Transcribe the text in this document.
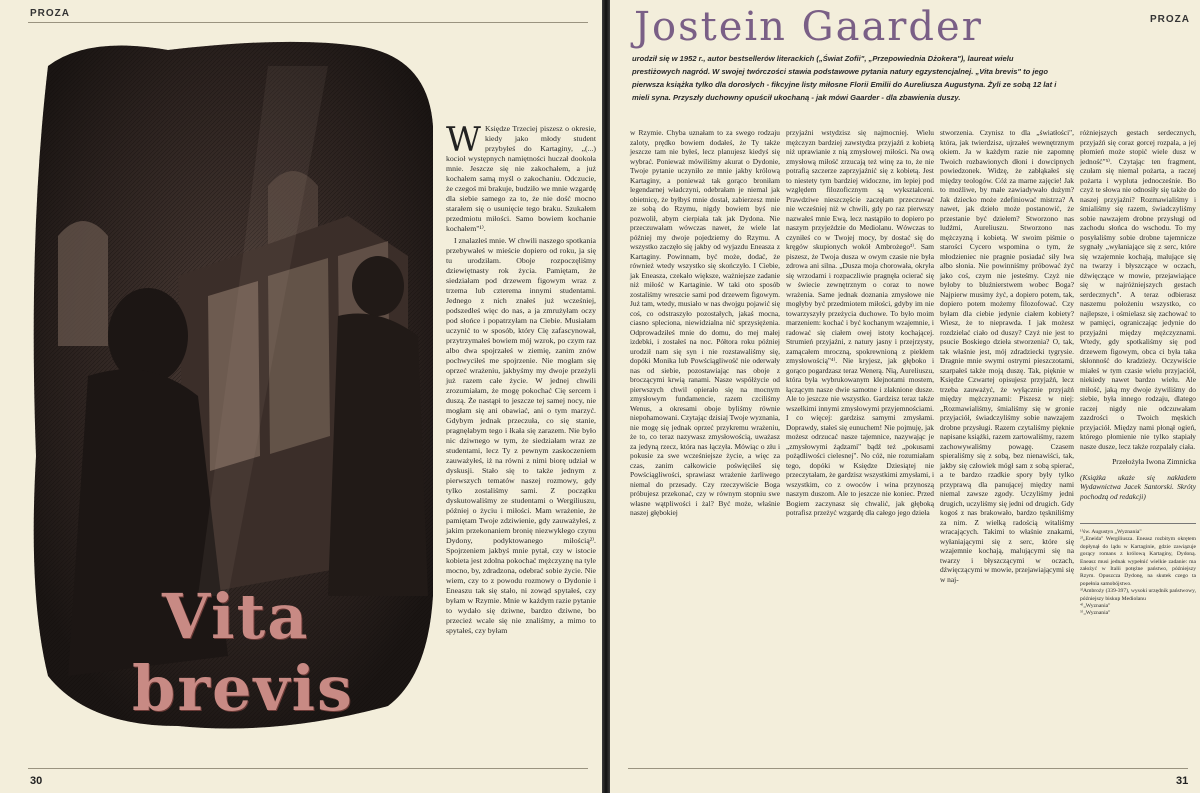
PROZA
Vita
brevis
W Księdze Trzeciej piszesz o okresie, kiedy jako młody student przybyłeś do Kartaginy, „(...) kocioł występnych namiętności huczał dookoła mnie. Jeszcze się nie zakochałem, a już kochałem samą myśl o zakochaniu. Odczucie, że czegoś mi brakuje, budziło we mnie wzgardę dla siebie samego za to, że nie dość mocno starałem się o usunięcie tego braku. Szukałem przedmiotu miłości. Samo bowiem kochanie kochałem"¹⁾.

I znalazłeś mnie. W chwili naszego spotkania przebywałeś w mieście dopiero od roku, ja się tu urodziłam. Oboje rozpoczęliśmy dziewiętnasty rok życia. Pamiętam, że siedziałam pod drzewem figowym wraz z trzema lub czterema innymi studentami. Jednego z nich znałeś już wcześniej, podszedłeś więc do nas, a ja zmrużyłam oczy pod słońce i popatrzyłam na Ciebie. Musiałam uczynić to w sposób, który Cię zafascynował, przytrzymałeś bowiem mój wzrok, po czym raz albo dwa spojrzałeś w ziemię, zanim znów pochwyciłeś me spojrzenie. Nie mogłam się oprzeć wrażeniu, jakbyśmy my dwoje przeżyli już razem całe życie. W jednej chwili zrozumiałam, że mogę pokochać Cię sercem i duszą. Że nastąpi to jeszcze tej samej nocy, nie mogłam się ani obawiać, ani o tym marzyć. Gdybym jednak przeczuła, co się stanie, pragnęłabym tego i łkała się zarazem. Nie było nic dziwnego w tym, że siedziałam wraz ze studentami, lecz Ty z pewnym zaskoczeniem zauważyłeś, iż na równi z nimi biorę udział w dyskusji. Stało się to także jednym z pierwszych tematów naszej rozmowy, gdy tylko zostaliśmy sami. Z początku dyskutowaliśmy ze studentami o Wergiliuszu, później o życiu i miłości. Mam wrażenie, że pamiętam Twoje zdziwienie, gdy zauważyłeś, z jakim przekonaniem bronię niezwykłego czynu Dydony, podyktowanego miłością²⁾. Spojrzeniem jakbyś mnie pytał, czy w istocie kobieta jest zdolna pokochać mężczyznę na tyle mocno, by, zdradzona, odebrać sobie życie. Nie wiem, czy to z powodu rozmowy o Dydonie i Eneaszu tak się stało, ni zowąd spytałeś, czy byłam w Rzymie. Mnie w każdym razie pytanie to wydało się dziwne, bardzo dziwne, bo przecież wcale się nie znaliśmy, a mimo to spytałeś, czy byłam

30
Jostein Gaarder	PROZA
urodził się w 1952 r., autor bestsellerów literackich („Świat Zofii", „Przepowiednia Dżokera"), laureat wielu prestiżowych nagród. W swojej twórczości stawia podstawowe pytania natury egzystencjalnej. „Vita brevis" to jego pierwsza książka tylko dla dorosłych - fikcyjne listy miłosne Florii Emilii do Aureliusza Augustyna. Żyli ze sobą 12 lat i mieli syna. Przyszły duchowny opuścił ukochaną - jak mówi Gaarder - dla zbawienia duszy.
w Rzymie. Chyba uznałam to za swego rodzaju zaloty, prędko bowiem dodałeś, że Ty także jeszcze tam nie byłeś, lecz planujesz kiedyś się wybrać. Ponieważ mówiliśmy akurat o Dydonie, Twoje pytanie uczyniło ze mnie jakby królową Kartaginy, a ponieważ tak gorąco broniłam legendarnej władczyni, odebrałam je niemal jak obietnicę, że byłbyś mnie dostał, zabierzesz mnie ze sobą do Rzymu, nigdy bowiem byś nie pozwolił, abym cierpiała tak jak Dydona. Nie przeczuwałam wówczas nawet, że wiele lat później my dwoje pojedziemy do Rzymu. A wszystko zaczęło się jakby od wyjazdu Eneasza z Kartaginy. Powinnam, być może, dodać, że również wtedy wszystko się skończyło. I Ciebie, jak Eneasza, czekało większe, ważniejsze zadanie niż miłość w Kartaginie. W taki oto sposób zostaliśmy wreszcie sami pod drzewem figowym. Już tam, wtedy, musiało w nas dwojgu pojawić się coś, co odstraszyło pozostałych, jakaś mocna, ciasno spleciona, niewidzialna nić sprzysiężenia. Odprowadziłeś mnie do domu, do mej małej izdebki, i zostałeś na noc. Półtora roku później urodził nam się syn i nie rozstawaliśmy się, dopóki Monika lub Powściągliwość nie oderwały nas od siebie, pozostawiając nas oboje z broczącymi krwią ranami. Nasze współżycie od pierwszych chwil opierało się na mocnym zmysłowym fundamencie, razem czciliśmy Wenus, a okresami oboje byliśmy równie niepohamowani. Czytając dzisiaj Twoje wyznania, nie mogę się jednak oprzeć przykremu wrażeniu, że to, co teraz nazywasz zmysłowością, uważasz za jedyną rzecz, która nas łączyła. Mówiąc o złu i pokusie za swe wcześniejsze życie, a więc za czas, zanim całkowicie poświęciłeś się Powściągliwości, sprawiasz wrażenie żarliwego niemal do przesady. Czy rzeczywiście Boga próbujesz przekonać, czy w równym stopniu swe własne wątpliwości i żal? Być może, właśnie naszej głębokiej
przyjaźni wstydzisz się najmocniej. Wielu mężczyzn bardziej zawstydza przyjaźń z kobietą niż uprawianie z nią zmysłowej miłości. Na ową zmysłową miłość zrzucają też winę za to, że nie potrafią szczerze zaprzyjaźnić się z kobietą. Jest to niestety tym bardziej widoczne, im lepiej pod względem filozoficznym są wykształceni. Prawdziwe nieszczęście zaczęłam przeczuwać nie wcześniej niż w chwili, gdy po raz pierwszy nazwałeś mnie Ewą, lecz nastąpiło to dopiero po naszym przyjeździe do Mediolanu. Wówczas to czyniłeś co w Twojej mocy, by dostać się do kręgów skupionych wokół Ambrożego³⁾. Sam piszesz, że Twoja dusza w owym czasie nie była zdrowa ani silna. „Dusza moja chorowała, okryła się wrzodami i rozpaczliwie pragnęła ocierać się w świecie zewnętrznym o coraz to nowe wrażenia. Same jednak doznania zmysłowe nie mogłyby być przedmiotem miłości, gdyby im nie towarzyszyły przeżycia duchowe. To było moim marzeniem: kochać i być kochanym wzajemnie, i radować się ciałem owej istoty kochającej. Strumień przyjaźni, z natury jasny i przejrzysty, zamącałem mroczną, spokrewnioną z piekłem zmysłowością"⁴⁾. Nie kryjesz, jak głęboko i gorąco pogardzasz teraz Wenerą. Nią, Aureliuszu, która była wybrukowanym klejnotami mostem, łączącym nasze dwie samotne i złaknione dusze. Ale to jeszcze nie wszystko. Gardzisz teraz także wszelkimi innymi zmysłowymi przyjemnościami. I co więcej: gardzisz samymi zmysłami. Doprawdy, stałeś się eunuchem! Nie pojmuję, jak możesz odrzucać nasze tajemnice, nazywając je „zmysłowymi żądzami" bądź też „pokusami pożądliwości cielesnej". No cóż, nie rozumiałam tego, dopóki w Księdze Dziesiątej nie przeczytałam, że gardzisz wszystkimi zmysłami, i wszystkim, co z owoców i wina przynoszą naszym duszom. Ale to jeszcze nie koniec. Przed Bogiem zaczynasz się chwalić, jak głęboką potrafisz przeżyć wzgardę dla całego jego dzieła
stworzenia. Czynisz to dla „światłości", która, jak twierdzisz, ujrzałeś wewnętrznym okiem. Ja w każdym razie nie zapomnę Twoich rozbawionych dłoni i dowcipnych powiedzonek. Widzę, że zabłąkałeś się między teologów. Cóż za marne zajęcie! Jak to możliwe, by małe zawiadywało dużym? Jak dziecko może zdefiniować mistrza? A nawet, jak dzieło może postanowić, że przestanie być dziełem? Stworzono nas ludźmi, Aureliuszu. Stworzono nas mężczyzną i kobietą. W swoim piśmie o starości Cycero wspomina o tym, że młodzieniec nie pragnie posiadać siły lwa albo słonia. Nie powinniśmy próbować żyć jako coś, czym nie jesteśmy. Czyż nie byłoby to bluźnierstwem wobec Boga? Najpierw musimy żyć, a dopiero potem, tak, dopiero potem możemy filozofować. Czy byłam dla ciebie jedynie ciałem kobiety? Wiesz, że to nieprawda. I jak możesz rozdzielać ciało od duszy? Czyż nie jest to psucie Boskiego dzieła stworzenia? O, tak, tak właśnie jest, mój zdradziecki tygrysie. Dragnie mnie swymi ostrymi pieszczotami, szarpałeś także moją duszę. Tak, pięknie w Księdze Czwartej opisujesz przyjaźń, lecz trzeba zauważyć, że wyłącznie przyjaźń między mężczyznami: Piszesz w niej: „Rozmawialiśmy, śmialiśmy się w gronie przyjaciół, świadczyliśmy sobie nawzajem drobne przysługi. Razem czytaliśmy pięknie napisane książki, razem zartowaliśmy, razem zachowywaliśmy powagę. Czasem spieraliśmy się z sobą, bez nienawiści, tak, jakby się człowiek mógł sam z sobą spierać, a te bardzo rzadkie spory były tylko przyprawą dla panującej między nami niemal zawsze zgody. Uczyliśmy jedni drugich, uczyliśmy się jedni od drugich. Gdy kogoś z nas brakowało, bardzo tęskniliśmy za nim. Z wielką radością witaliśmy wracających. Takimi to właśnie znakami, wyłaniającymi się z serc, które się wzajemnie kochają, malującymi się na twarzy i błyszczącymi w oczach, dźwięczącymi w mowie, przejawiającymi się w naj-
różniejszych gestach serdecznych, przyjaźń się coraz gorcej rozpala, a jej płomień może stopić wiele dusz w jedność"⁵⁾. Czytając ten fragment, czułam się niemal pożarta, a raczej pożarta i wypluta jednocześnie. Bo czyż te słowa nie odnosiły się także do naszej przyjaźni? Rozmawialiśmy i śmialiśmy się razem, świadczyliśmy sobie nawzajem drobne przysługi od zachodu słońca do wschodu. To my posyłaliśmy sobie drobne tajemnicze sygnały „wyłaniające się z serc, które się wzajemnie kochają, malujące się na twarzy i błyszczące w oczach, dźwięczące w mowie, przejawiające się w najróżniejszych gestach serdecznych". A teraz odbierasz naszemu położeniu wszystko, co najlepsze, i ośmielasz się zachować to w pamięci, ograniczając jedynie do przyjaźni między mężczyznami. Wtedy, gdy spotkaliśmy się pod drzewem figowym, obca ci była taka skłonność do kradzieży. Oczywiście miałeś w tym czasie wielu przyjaciół, niekiedy nawet bardzo wielu. Ale miłość, jaką my dwoje żywiliśmy do siebie, była innego rodzaju, dlatego raczej nigdy nie odczuwałam zazdrości o Twoich męskich przyjaciół. Między nami płonął ogień, którego płomienie nie tylko stapiały nasze dusze, lecz także rozpalały ciała.
Przełożyła Iwona Zimnicka
(Książka ukaże się nakładem Wydawnictwa Jacek Santorski. Skróty pochodzą od redakcji)
¹⁾św. Augustyn „Wyznania"
²⁾„Eneida" Wergiliusza. Eneasz rozbitym okrętem dopłynął do lądu w Kartaginie, gdzie zawiązuje gorący romans z królową Kartaginy, Dydoną. Eneasz musi jednak wypełnić wielkie zadanie: ma założyć w Italii potężne państwo, późniejszy Rzym. Opuszcza Dydonę, na skutek czego ta popełnia samobójstwo.
³⁾Ambroży (339-397), wysoki urzędnik państwowy, późniejszy biskup Mediolanu
⁴⁾„Wyznania"
⁵⁾„Wyznania"
31
